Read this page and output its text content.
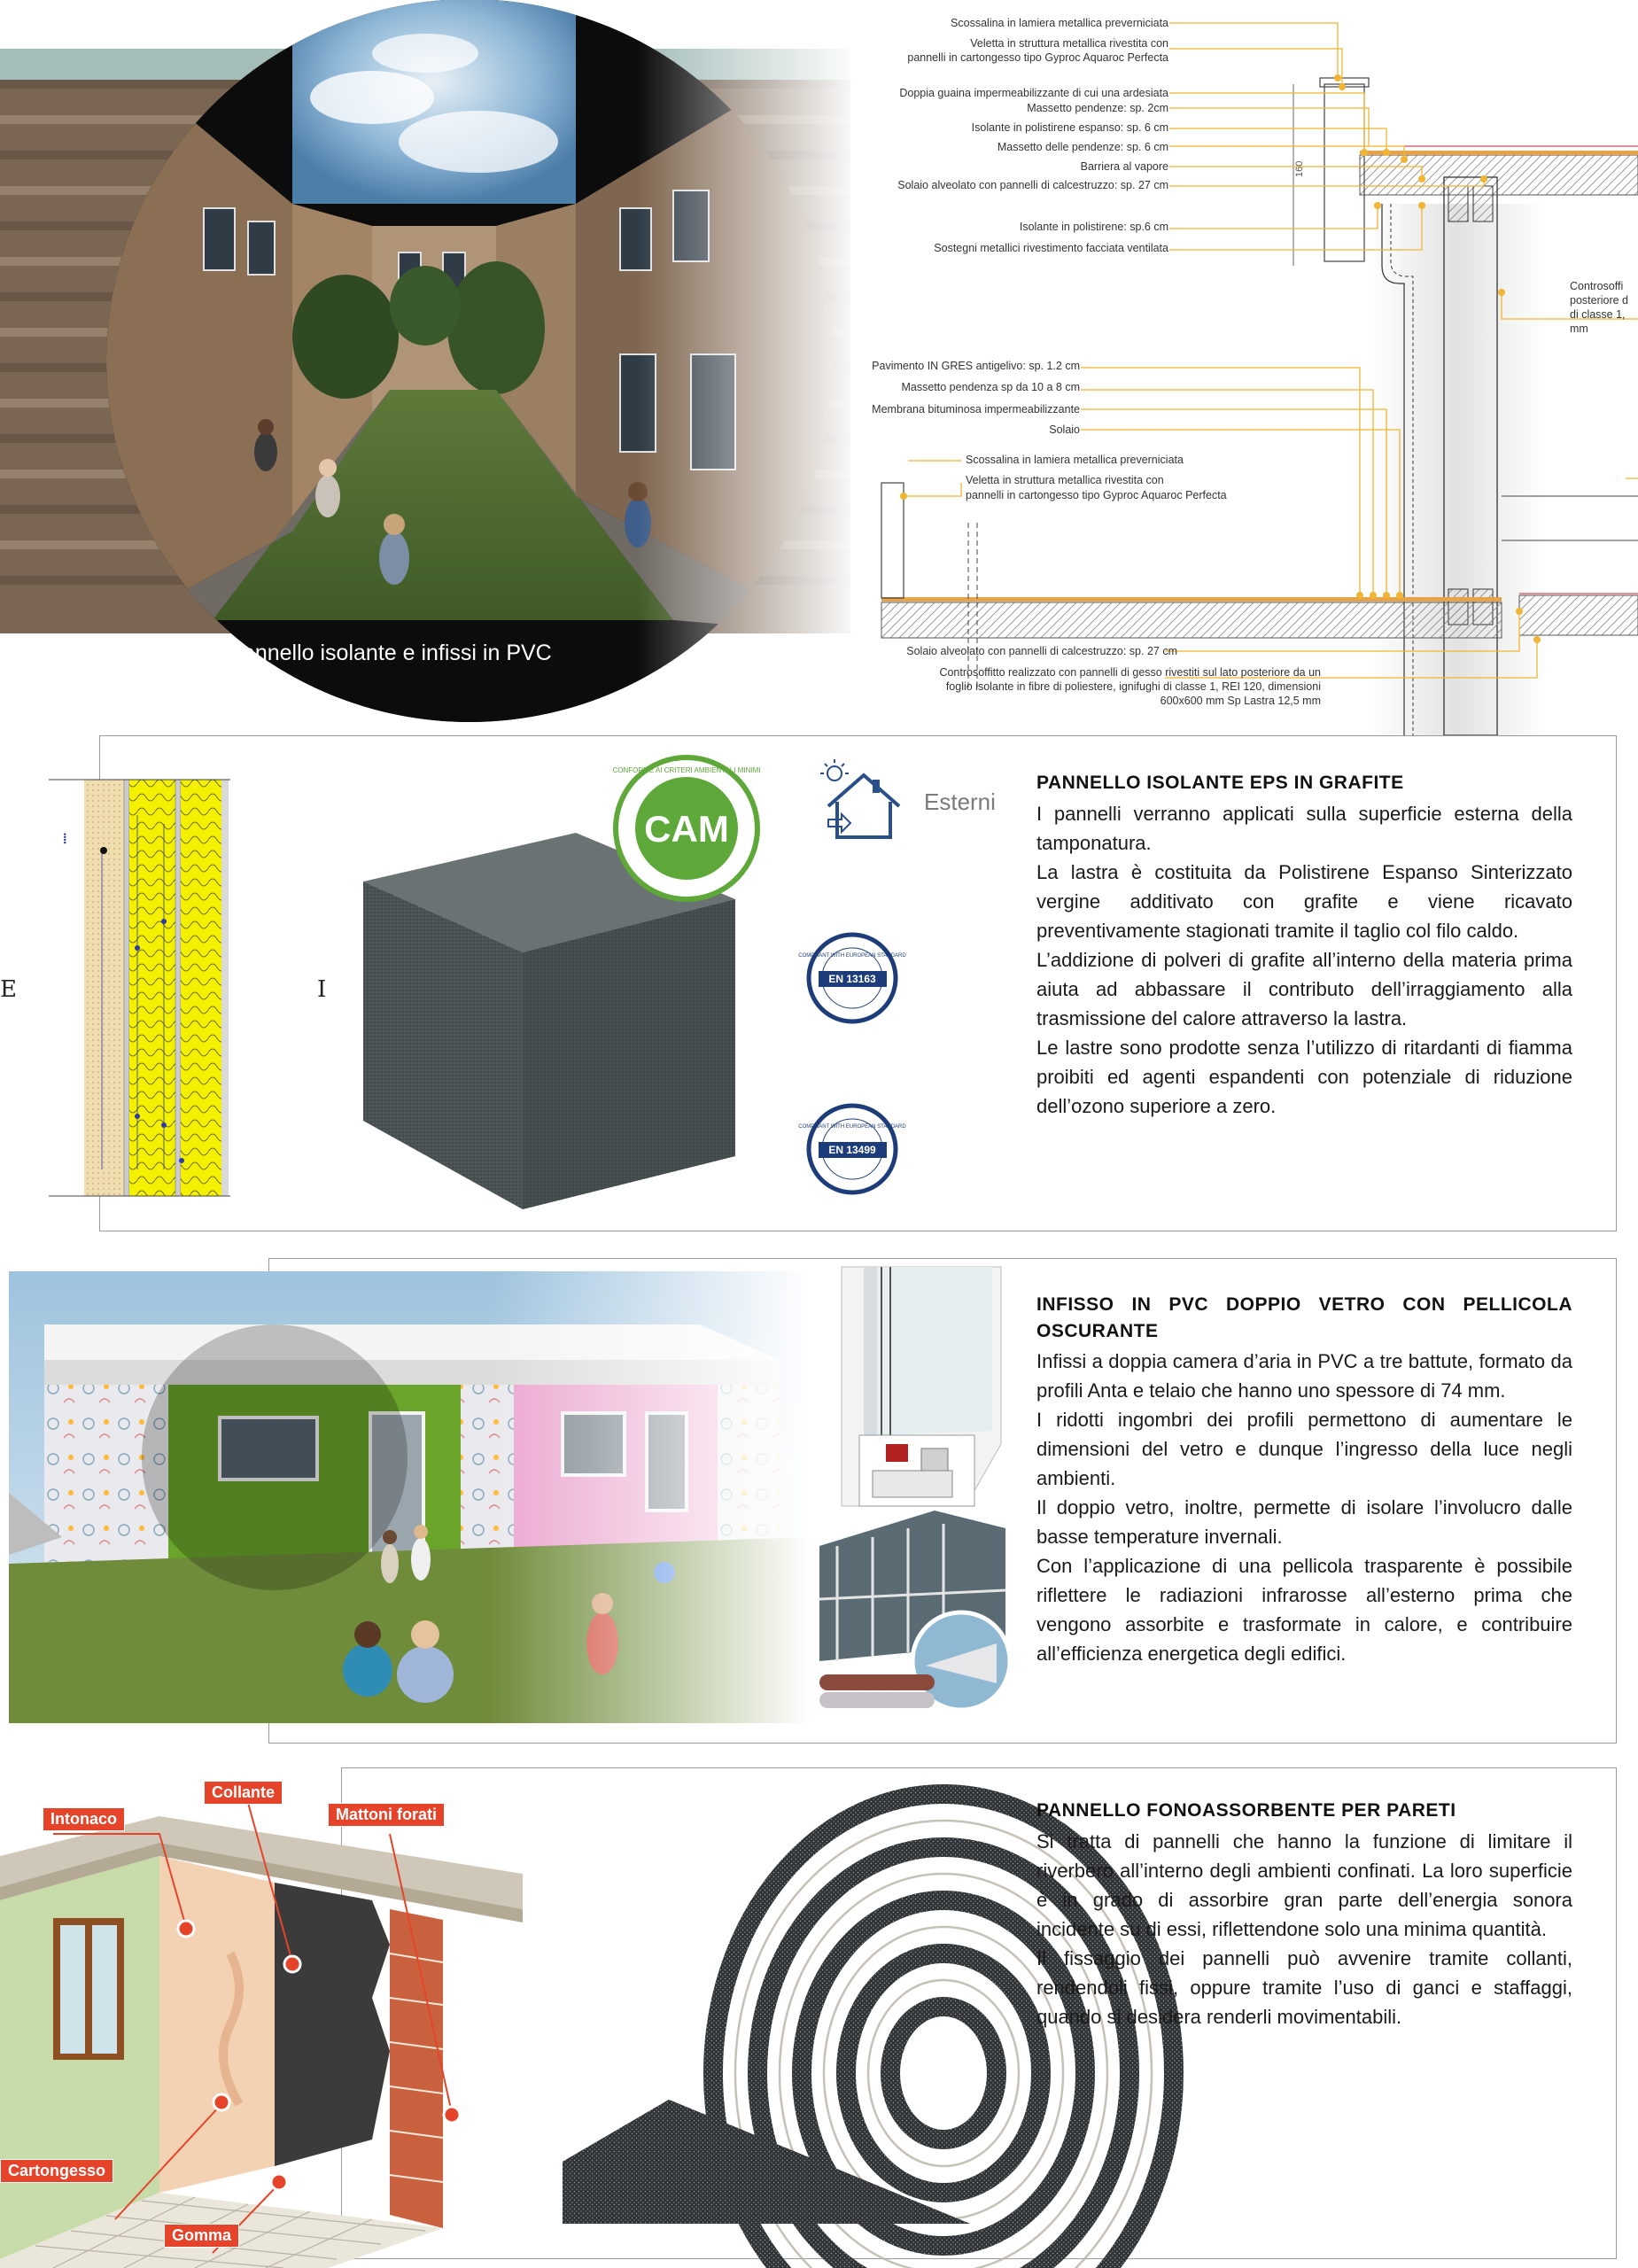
Pannello isolante e infissi in PVC
160
Scossalina in lamiera metallica preverniciata
Veletta in struttura metallica rivestita con
pannelli in cartongesso tipo Gyproc Aquaroc Perfecta
Doppia guaina impermeabilizzante di cui una ardesiata
Massetto pendenze: sp. 2cm
Isolante in polistirene espanso: sp. 6 cm
Massetto delle pendenze: sp. 6 cm
Barriera al vapore
Solaio alveolato con pannelli di calcestruzzo: sp. 27 cm
Isolante in polistirene: sp.6 cm
Sostegni metallici rivestimento facciata ventilata
Pavimento IN GRES antigelivo: sp. 1.2 cm
Massetto pendenza sp da 10 a 8 cm
Membrana bituminosa impermeabilizzante
Solaio
Scossalina in lamiera metallica preverniciata
Veletta in struttura metallica rivestita con
pannelli in cartongesso tipo Gyproc Aquaroc Perfecta
Solaio alveolato con pannelli di calcestruzzo: sp. 27 cm
Controsoffitto realizzato con pannelli di gesso rivestiti sul lato posteriore da un
foglio isolante in fibre di poliestere, ignifughi di classe 1, REI 120, dimensioni
600x600 mm Sp Lastra 12,5 mm
Controsoffi
posteriore d
di classe 1,
mm
••••
E	I
CAM
CONFORME AI CRITERI AMBIENTALI MINIMI
Esterni
EN 13163
COMPLIANT WITH EUROPEAN STANDARD
EN 13499
COMPLIANT WITH EUROPEAN STANDARD
PANNELLO ISOLANTE EPS IN GRAFITE

I pannelli verranno applicati sulla superficie esterna della tamponatura.

La lastra è costituita da Polistirene Espanso Sinterizzato vergine additivato con grafite e viene ricavato preventivamente stagionati tramite il taglio col filo caldo.

L’addizione di polveri di grafite all’interno della materia prima aiuta ad abbassare il contributo dell’irraggiamento alla trasmissione del calore attraverso la lastra.

Le lastre sono prodotte senza l’utilizzo di ritardanti di fiamma proibiti ed agenti espandenti con potenziale di riduzione dell’ozono superiore a zero.

INFISSO IN PVC DOPPIO VETRO CON PELLICOLA OSCURANTE

Infissi a doppia camera d’aria in PVC a tre battute, formato da profili Anta e telaio che hanno uno spessore di 74 mm.

I ridotti ingombri dei profili permettono di aumentare le dimensioni del vetro e dunque l’ingresso della luce negli ambienti.

Il doppio vetro, inoltre, permette di isolare l’involucro dalle basse temperature invernali.

Con l’applicazione di una pellicola trasparente è possibile riflettere le radiazioni infrarosse all’esterno prima che vengono assorbite e trasformate in calore, e contribuire all’efficienza energetica degli edifici.

Intonaco
Collante
Mattoni forati
Cartongesso
Gomma
PANNELLO FONOASSORBENTE PER PARETI

Si tratta di pannelli che hanno la funzione di limitare il riverbero all’interno degli ambienti confinati. La loro superficie è in grado di assorbire gran parte dell’energia sonora incidente su di essi, riflettendone solo una minima quantità.

Il fissaggio dei pannelli può avvenire tramite collanti, rendendoli fissi, oppure tramite l’uso di ganci e staffaggi, quando si desidera renderli movimentabili.
